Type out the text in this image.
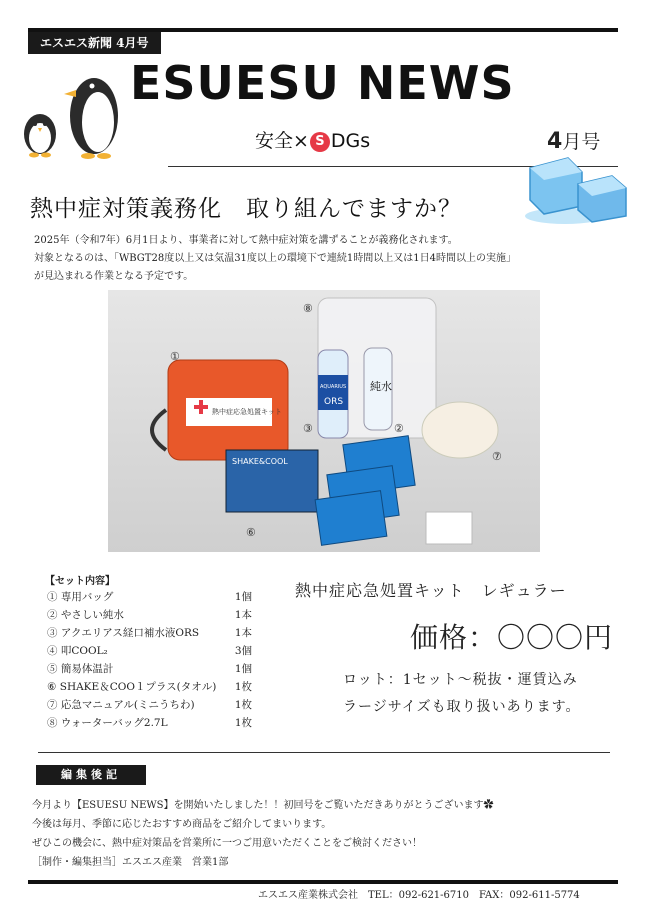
エスエス新聞 4月号
ESUESU NEWS
安全× S DGs	4月号
熱中症対策義務化　取り組んでますか？
2025年（令和7年）6月1日より、事業者に対して熱中症対策を講ずることが義務化されます。
対象となるのは、「WBGT28度以上又は気温31度以上の環境下で連続1時間以上又は1日4時間以上の実施」
が見込まれる作業となる予定です。
熱中症応急処置キット
AQUARIUS
ORS
純水
SHAKE&COOL
⑧
①
②
③
⑥
⑦
【セット内容】
① 専用バッグ	1個
② やさしい純水	1本
③ アクエリアス経口補水液ORS	1本
④ 叩COOL₂	3個
⑤ 簡易体温計	1個
⑥ SHAKE＆COO１プラス(タオル) 1枚
⑦ 応急マニュアル(ミニうちわ)	1枚
⑧ ウォーターバッグ2.7L	1枚
熱中症応急処置キット　レギュラー
価格：〇〇〇円
ロット：1セット～税抜・運賃込み
ラージサイズも取り扱いあります。
編集後記
今月より【ESUESU NEWS】を開始いたしました！！初回号をご覧いただきありがとうございます✿
今後は毎月、季節に応じたおすすめ商品をご紹介してまいります。
ぜひこの機会に、熱中症対策品を営業所に一つご用意いただくことをご検討ください！
［制作・編集担当］エスエス産業　営業1部
エスエス産業株式会社　TEL：092-621-6710　FAX：092-611-5774
